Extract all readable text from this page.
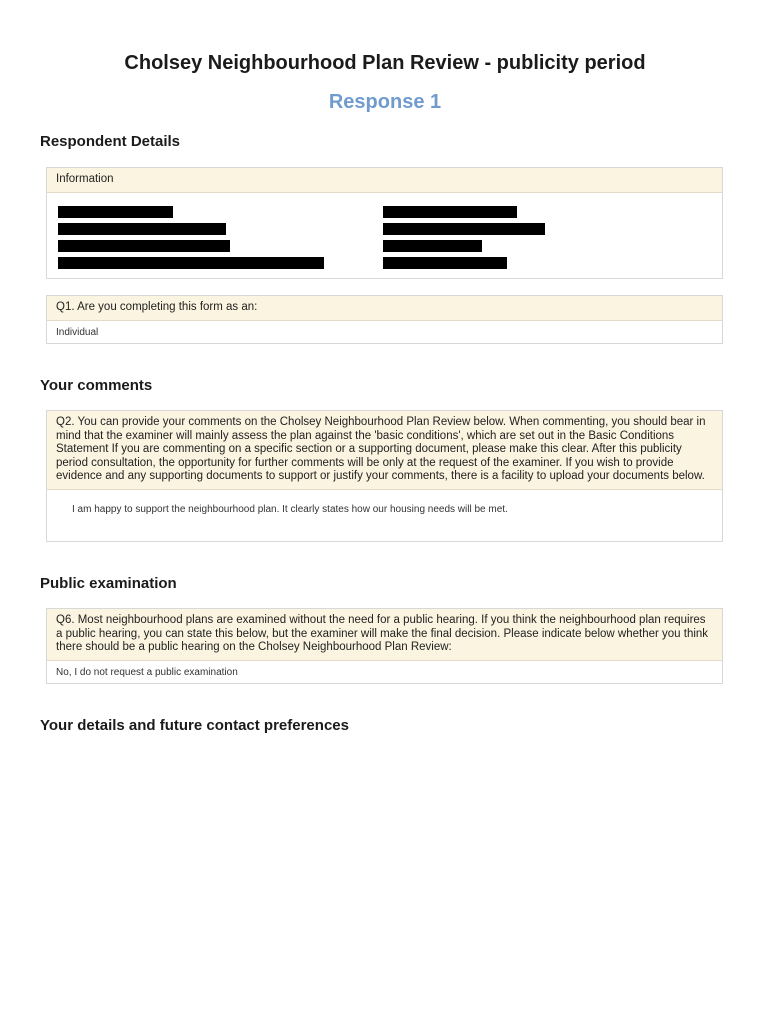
Cholsey Neighbourhood Plan Review - publicity period
Response 1
Respondent Details
Information
Q1. Are you completing this form as an:
Individual
Your comments
Q2. You can provide your comments on the Cholsey Neighbourhood Plan Review below. When commenting, you should bear in mind that the examiner will mainly assess the plan against the 'basic conditions', which are set out in the Basic Conditions Statement If you are commenting on a specific section or a supporting document, please make this clear. After this publicity period consultation, the opportunity for further comments will be only at the request of the examiner. If you wish to provide evidence and any supporting documents to support or justify your comments, there is a facility to upload your documents below.
I am happy to support the neighbourhood plan. It clearly states how our housing needs will be met.
Public examination
Q6. Most neighbourhood plans are examined without the need for a public hearing. If you think the neighbourhood plan requires a public hearing, you can state this below, but the examiner will make the final decision. Please indicate below whether you think there should be a public hearing on the Cholsey Neighbourhood Plan Review:
No, I do not request a public examination
Your details and future contact preferences
